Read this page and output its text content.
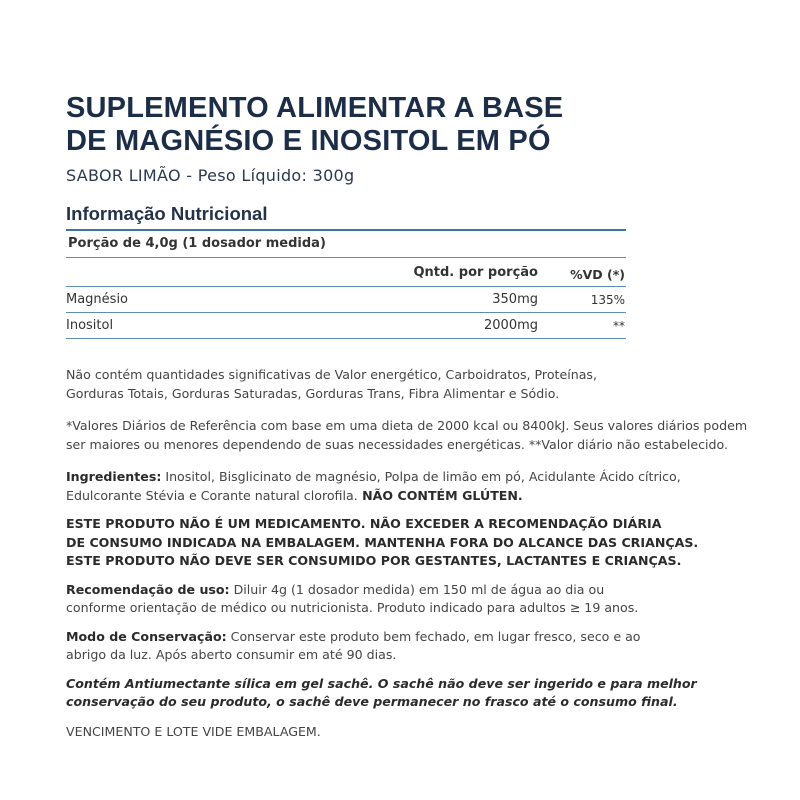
SUPLEMENTO ALIMENTAR A BASE
DE MAGNÉSIO E INOSITOL EM PÓ
SABOR LIMÃO - Peso Líquido: 300g
Informação Nutricional
Porção de 4,0g (1 dosador medida)
Qntd. por porção	%VD (*)
Magnésio	350mg	135%
Inositol	2000mg	**

Não contém quantidades significativas de Valor energético, Carboidratos, Proteínas,
Gorduras Totais, Gorduras Saturadas, Gorduras Trans, Fibra Alimentar e Sódio.

*Valores Diários de Referência com base em uma dieta de 2000 kcal ou 8400kJ. Seus valores diários podem
ser maiores ou menores dependendo de suas necessidades energéticas. **Valor diário não estabelecido.

Ingredientes: Inositol, Bisglicinato de magnésio, Polpa de limão em pó, Acidulante Ácido cítrico,
Edulcorante Stévia e Corante natural clorofila. NÃO CONTÉM GLÚTEN.

ESTE PRODUTO NÃO É UM MEDICAMENTO. NÃO EXCEDER A RECOMENDAÇÃO DIÁRIA
DE CONSUMO INDICADA NA EMBALAGEM. MANTENHA FORA DO ALCANCE DAS CRIANÇAS.
ESTE PRODUTO NÃO DEVE SER CONSUMIDO POR GESTANTES, LACTANTES E CRIANÇAS.

Recomendação de uso: Diluir 4g (1 dosador medida) em 150 ml de água ao dia ou
conforme orientação de médico ou nutricionista. Produto indicado para adultos ≥ 19 anos.

Modo de Conservação: Conservar este produto bem fechado, em lugar fresco, seco e ao
abrigo da luz. Após aberto consumir em até 90 dias.

Contém Antiumectante sílica em gel sachê. O sachê não deve ser ingerido e para melhor
conservação do seu produto, o sachê deve permanecer no frasco até o consumo final.

VENCIMENTO E LOTE VIDE EMBALAGEM.
